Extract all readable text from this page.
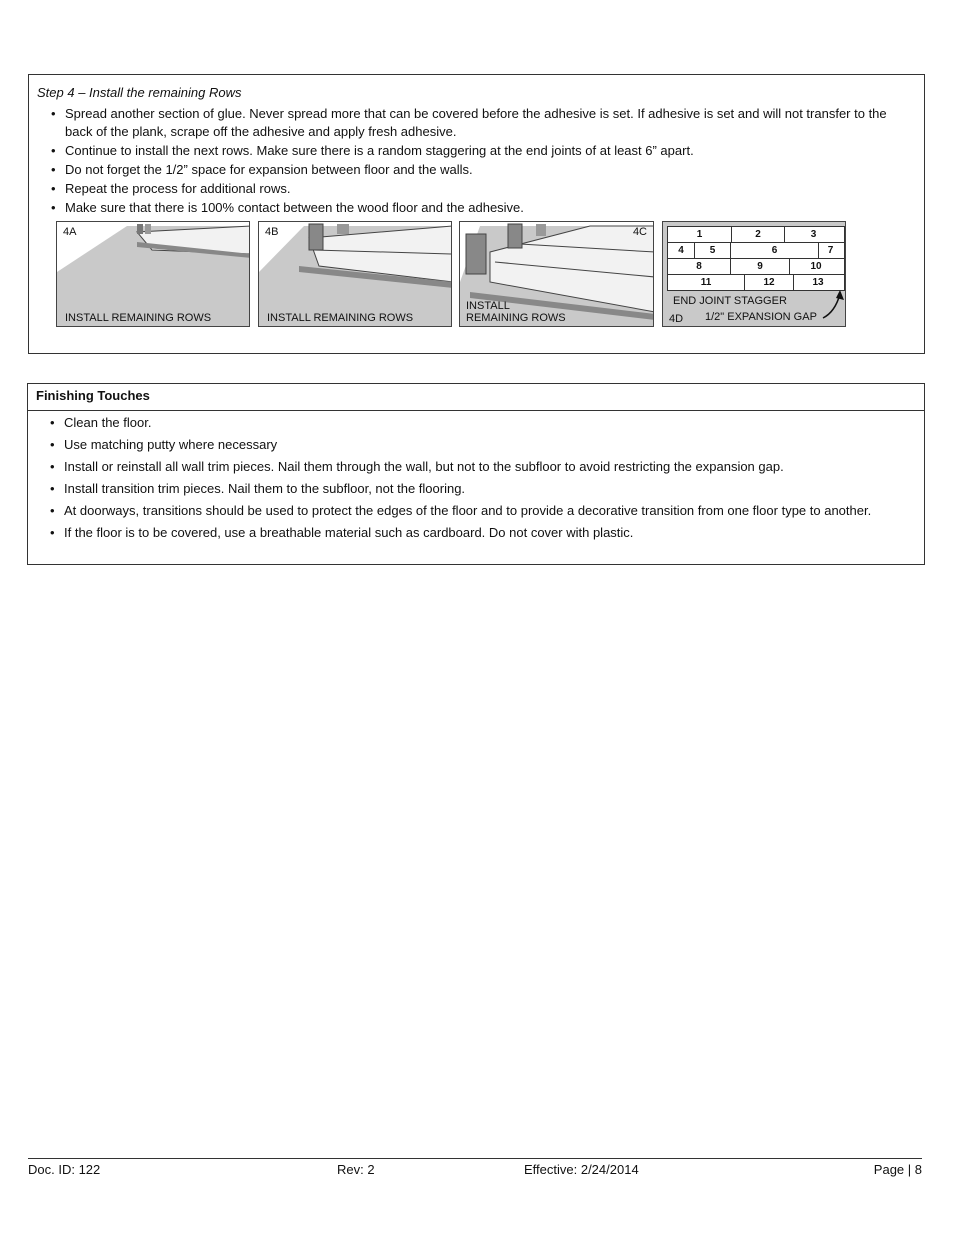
Step 4 – Install the remaining Rows
• Spread another section of glue. Never spread more that can be covered before the adhesive is set. If adhesive is set and will not transfer to the back of the plank, scrape off the adhesive and apply fresh adhesive.
• Continue to install the next rows. Make sure there is a random staggering at the end joints of at least 6” apart.
• Do not forget the 1/2” space for expansion between floor and the walls.
• Repeat the process for additional rows.
• Make sure that there is 100% contact between the wood floor and the adhesive.
4A
INSTALL REMAINING ROWS
4B
INSTALL REMAINING ROWS
4C
INSTALL
REMAINING ROWS
1	2	3
4	5	6	7
8	9	10
11	12	13
END JOINT STAGGER
4D 1/2" EXPANSION GAP
Finishing Touches
• Clean the floor.
• Use matching putty where necessary
• Install or reinstall all wall trim pieces. Nail them through the wall, but not to the subfloor to avoid restricting the expansion gap.
• Install transition trim pieces. Nail them to the subfloor, not the flooring.
• At doorways, transitions should be used to protect the edges of the floor and to provide a decorative transition from one floor type to another.
• If the floor is to be covered, use a breathable material such as cardboard. Do not cover with plastic.
Doc. ID: 122	Rev: 2	Effective: 2/24/2014	Page | 8
